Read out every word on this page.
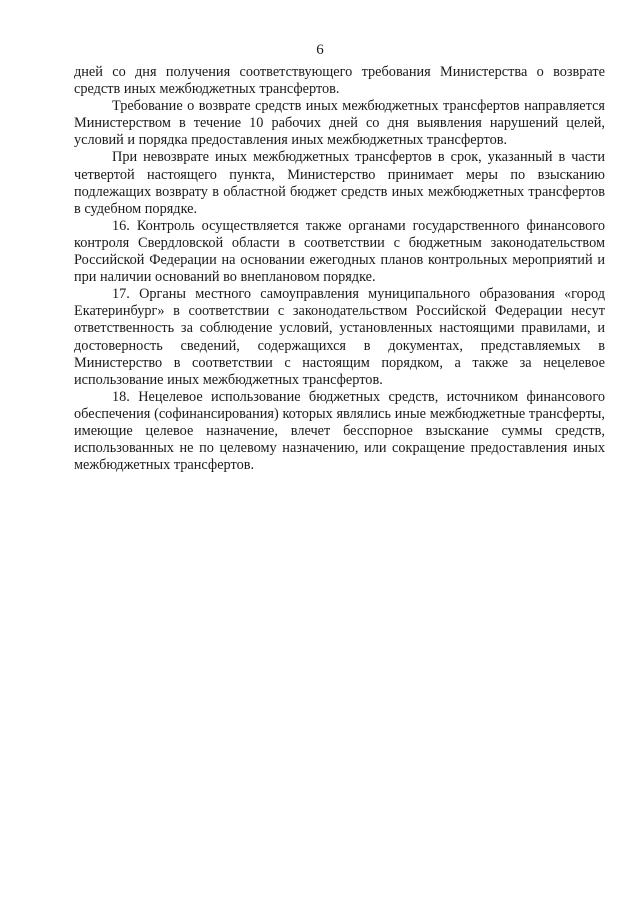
6

дней со дня получения соответствующего требования Министерства о возврате средств иных межбюджетных трансфертов.

Требование о возврате средств иных межбюджетных трансфертов направляется Министерством в течение 10 рабочих дней со дня выявления нарушений целей, условий и порядка предоставления иных межбюджетных трансфертов.

При невозврате иных межбюджетных трансфертов в срок, указанный в части четвертой настоящего пункта, Министерство принимает меры по взысканию подлежащих возврату в областной бюджет средств иных межбюджетных трансфертов в судебном порядке.

16. Контроль осуществляется также органами государственного финансового контроля Свердловской области в соответствии с бюджетным законодательством Российской Федерации на основании ежегодных планов контрольных мероприятий и при наличии оснований во внеплановом порядке.

17. Органы местного самоуправления муниципального образования «город Екатеринбург» в соответствии с законодательством Российской Федерации несут ответственность за соблюдение условий, установленных настоящими правилами, и достоверность сведений, содержащихся в документах, представляемых в Министерство в соответствии с настоящим порядком, а также за нецелевое использование иных межбюджетных трансфертов.

18. Нецелевое использование бюджетных средств, источником финансового обеспечения (софинансирования) которых являлись иные межбюджетные трансферты, имеющие целевое назначение, влечет бесспорное взыскание суммы средств, использованных не по целевому назначению, или сокращение предоставления иных межбюджетных трансфертов.
